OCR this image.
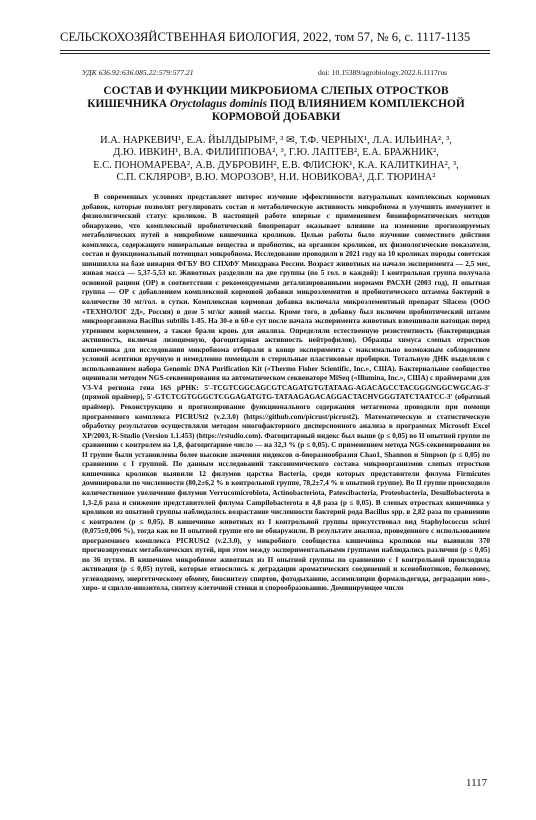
СЕЛЬСКОХОЗЯЙСТВЕННАЯ БИОЛОГИЯ, 2022, том 57, № 6, с. 1117-1135
УДК 636.92:636.085.22:579:577.21	doi: 10.15389/agrobiology.2022.6.1117rus
СОСТАВ И ФУНКЦИИ МИКРОБИОМА СЛЕПЫХ ОТРОСТКОВ
КИШЕЧНИКА Oryctolagus dominis ПОД ВЛИЯНИЕМ КОМПЛЕКСНОЙ
КОРМОВОЙ ДОБАВКИ
И.А. НАРКЕВИЧ¹, Е.А. ЙЫЛДЫРЫМ², ³ ✉, Т.Ф. ЧЕРНЫХ¹, Л.А. ИЛЬИНА², ³,
Д.Ю. ИВКИН¹, В.А. ФИЛИППОВА², ³, Г.Ю. ЛАПТЕВ², Е.А. БРАЖНИК²,
Е.С. ПОНОМАРЕВА², А.В. ДУБРОВИН², Е.В. ФЛИСЮК¹, К.А. КАЛИТКИНА², ³,
С.П. СКЛЯРОВ³, В.Ю. МОРОЗОВ³, Н.И. НОВИКОВА², Д.Г. ТЮРИНА²
В современных условиях представляет интерес изучение эффективности натуральных комплексных кормовых добавок, которые позволят регулировать состав и метаболическую активность микробиома и улучшить иммунитет и физиологический статус кроликов. В настоящей работе впервые с применением биоинформатических методов обнаружено, что комплексный пробиотический биопрепарат оказывает влияние на изменение прогнозируемых метаболических путей в микробиоме кишечника кроликов. Целью работы было изучение совместного действия комплекса, содержащего минеральные вещества и пробиотик, на организм кроликов, их физиологические показатели, состав и функциональный потенциал микробиома. Исследование проводили в 2021 году на 10 кроликах породы советская шиншилла на базе вивария ФГБУ ВО СПХФУ Минздрава России. Возраст животных на начало эксперимента — 2,5 мес, живая масса — 5,37-5,53 кг. Животных разделили на две группы (по 5 гол. в каждой): I контрольная группа получала основной рацион (ОР) в соответствии с рекомендуемыми детализированными нормами РАСХН (2003 год), II опытная группа — ОР с добавлением комплексной кормовой добавки микроэлементов и пробиотического штамма бактерий в количестве 30 мг/гол. в сутки. Комплексная кормовая добавка включала микроэлементный препарат Silacess (ООО «ТЕХНОЛОГ 2Д», Россия) в дозе 5 мг/кг живой массы. Кроме того, в добавку был включен пробиотический штамм микроорганизма Bacillus subtilis 1-85. На 30-е и 60-е сут после начала эксперимента животных взвешивали натощак перед утренним кормлением, а также брали кровь для анализа. Определяли естественную резистентность (бактерицидная активность, включая лизоцимную, фагоцитарная активность нейтрофилов). Образцы химуса слепых отростков кишечника для исследования микробиома отбирали в конце эксперимента с максимально возможным соблюдением условий асептики вручную и немедленно помещали в стерильные пластиковые пробирки. Тотальную ДНК выделяли с использованием набора Genomic DNA Purification Kit («Thermo Fisher Scientific, Inc.», США). Бактериальное сообщество оценивали методом NGS-секвенирования на автоматическом секвенаторе MiSeq («Illumina, Inc.», США) с праймерами для V3-V4 региона гена 16S рРНК: 5′-TCGTCGGCAGCGTCAGATGTGTATAAG-AGACAGCCTACGGGNGGCWGCAG-3′ (прямой праймер), 5′-GTCTCGTGGGCTCGGAGATGTG-TATAAGAGACAGGACTACHVGGGTATCTAATCC-3′ (обратный праймер). Реконструкцию и прогнозирование функционального содержания метагенома проводили при помощи программного комплекса PICRUSt2 (v.2.3.0) (https://github.com/picrust/picrust2). Математическую и статистическую обработку результатов осуществляли методом многофакторного дисперсионного анализа в программах Microsoft Excel XP/2003, R-Studio (Version 1.1.453) (https://rstudio.com). Фагоцитарный индекс был выше (р ≤ 0,05) во II опытной группе по сравнению с контролем на 1,8, фагоцитарное число — на 32,3 % (р ≤ 0,05). С применением метода NGS-секвенирования во II группе были установлены более высокие значения индексов α-биоразнообразия Chao1, Shannon и Simpson (р ≤ 0,05) по сравнению с I группой. По данным исследований таксономического состава микроорганизмов слепых отростков кишечника кроликов выявили 12 филумов царства Bacteria, среди которых представители филума Firmicutes доминировали по численности (80,2±6,2 % в контрольной группе, 78,2±7,4 % в опытной группе). Во II группе происходило количественное увеличение филумов Verrucomicrobiota, Actinobacteriota, Patescibacteria, Proteobacteria, Desulfobacterota в 1,3-2,6 раза и снижение представителей филума Campilobacterota в 4,8 раза (р ≤ 0,05). В слепых отростках кишечника у кроликов из опытной группы наблюдалось возрастание численности бактерий рода Bacillus spp. в 2,82 раза по сравнению с контролем (р ≤ 0,05). В кишечнике животных из I контрольной группы присутствовал вид Staphylococcus sciuri (0,075±0,006 %), тогда как во II опытной группе его не обнаружили. В результате анализа, проведенного с использованием программного комплекса PICRUSt2 (v.2.3.0), у микробного сообщества кишечника кроликов мы выявили 370 прогнозируемых метаболических путей, при этом между экспериментальными группами наблюдались различия (р ≤ 0,05) по 36 путям. В кишечном микробиоме животных из II опытной группы по сравнению с I контрольной происходила активация (р ≤ 0,05) путей, которые относились к деградации ароматических соединений и ксенобиотиков, белковому, углеводному, энергетическому обмену, биосинтезу спиртов, фотодыханию, ассимиляции формальдегида, деградации мио-, хиро- и сцилло-инозитола, синтезу клеточной стенки и спорообразованию. Доминирующее число
1117
